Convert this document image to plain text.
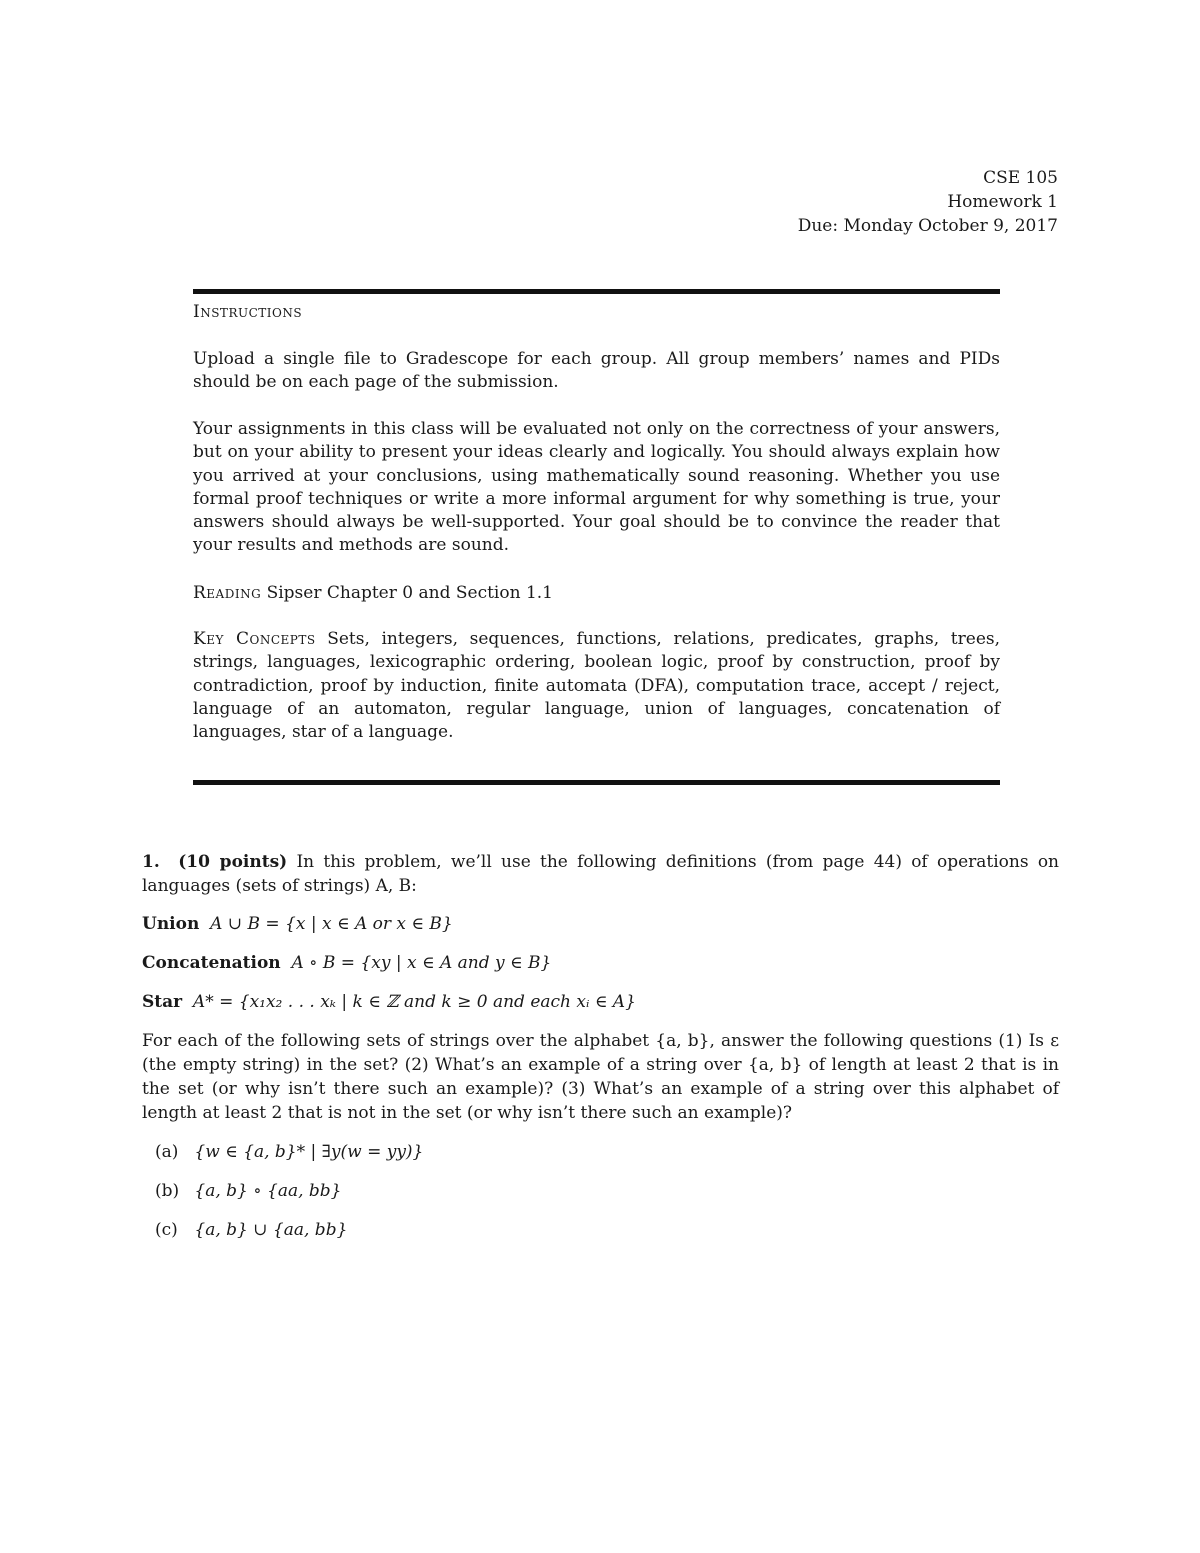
CSE 105
Homework 1
Due: Monday October 9, 2017
Instructions

Upload a single file to Gradescope for each group. All group members’ names and PIDs should be on each page of the submission.

Your assignments in this class will be evaluated not only on the correctness of your answers, but on your ability to present your ideas clearly and logically. You should always explain how you arrived at your conclusions, using mathematically sound reasoning. Whether you use formal proof techniques or write a more informal argument for why something is true, your answers should always be well-supported. Your goal should be to convince the reader that your results and methods are sound.

Reading Sipser Chapter 0 and Section 1.1

Key Concepts Sets, integers, sequences, functions, relations, predicates, graphs, trees, strings, languages, lexicographic ordering, boolean logic, proof by construction, proof by contradiction, proof by induction, finite automata (DFA), computation trace, accept / reject, language of an automaton, regular language, union of languages, concatenation of languages, star of a language.

1. (10 points) In this problem, we’ll use the following definitions (from page 44) of operations on languages (sets of strings) A, B:

Union A ∪ B = {x | x ∈ A or x ∈ B}
Concatenation A ∘ B = {xy | x ∈ A and y ∈ B}
Star A* = {x₁x₂ . . . xₖ | k ∈ ℤ and k ≥ 0 and each xᵢ ∈ A}

For each of the following sets of strings over the alphabet {a, b}, answer the following questions (1) Is ε (the empty string) in the set? (2) What’s an example of a string over {a, b} of length at least 2 that is in the set (or why isn’t there such an example)? (3) What’s an example of a string over this alphabet of length at least 2 that is not in the set (or why isn’t there such an example)?

(a) {w ∈ {a, b}* | ∃y(w = yy)}
(b) {a, b} ∘ {aa, bb}
(c) {a, b} ∪ {aa, bb}
